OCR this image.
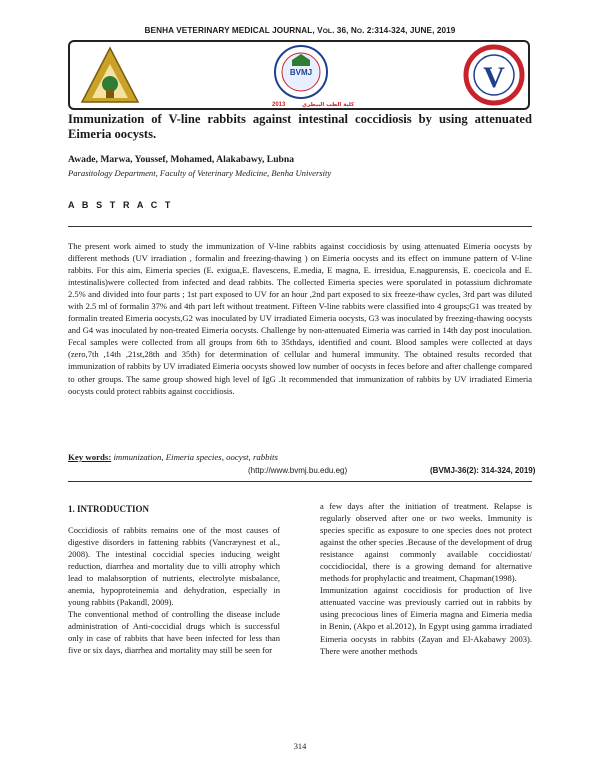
BENHA VETERINARY MEDICAL JOURNAL, VOL. 36, NO. 2:314-324, JUNE, 2019
BVMJ
2013	كلية الطب البيطري
V
Immunization of V-line rabbits against intestinal coccidiosis by using attenuated Eimeria oocysts.
Awade, Marwa, Youssef, Mohamed, Alakabawy, Lubna
Parasitology Department, Faculty of Veterinary Medicine, Benha University
A B S T R A C T
The present work aimed to study the immunization of V-line rabbits against coccidiosis by using attenuated Eimeria oocysts by different methods (UV irradiation , formalin and freezing-thawing ) on Eimeria oocysts and its effect on immune pattern of V-line rabbits. For this aim, Eimeria species (E. exigua,E. flavescens, E.media, E magna, E. irresidua, E.nagpurensis, E. coecicola and E. intestinalis)were collected from infected and dead rabbits. The collected Eimeria species were sporulated in potassium dichromate 2.5% and divided into four parts ; 1st part exposed to UV for an hour ,2nd part exposed to six freeze-thaw cycles, 3rd part was diluted with 2.5 ml of formalin 37% and 4th part left without treatment. Fifteen V-line rabbits were classified into 4 groups;G1 was treated by formalin treated Eimeria oocysts,G2 was inoculated by UV irradiated Eimeria oocysts, G3 was inoculated by freezing-thawing oocysts and G4 was inoculated by non-treated Eimeria oocysts. Challenge by non-attenuated Eimeria was carried in 14th day post inoculation. Fecal samples were collected from all groups from 6th to 35thdays, identified and count. Blood samples were collected at days (zero,7th ,14th ,21st,28th and 35th) for determination of cellular and humeral immunity. The obtained results recorded that immunization of rabbits by UV irradiated Eimeria oocysts showed low number of oocysts in feces before and after challenge compared to other groups. The same group showed high level of IgG .It recommended that immunization of rabbits by UV irradiated Eimeria oocysts could protect rabbits against coccidiosis.
Key words: immunization, Eimeria species, oocyst, rabbits
(http://www.bvmj.bu.edu.eg)	(BVMJ-36(2): 314-324, 2019)
1. INTRODUCTION

Coccidiosis of rabbits remains one of the most causes of digestive disorders in fattening rabbits (Vancræynest et al., 2008). The intestinal coccidial species inducing weight reduction, diarrhea and mortality due to villi atrophy which lead to malabsorption of nutrients, electrolyte misbalance, anemia, hypoproteinemia and dehydration, especially in young rabbits (Pakandl, 2009).

The conventional method of controlling the disease include administration of Anti-coccidial drugs which is successful only in case of rabbits that have been infected for less than five or six days, diarrhea and mortality may still be seen for

a few days after the initiation of treatment. Relapse is regularly observed after one or two weeks. Immunity is species specific as exposure to one species does not protect against the other species .Because of the development of drug resistance against commonly available coccidiostat/ coccidiocidal, there is a growing demand for alternative methods for prophylactic and treatment, Chapman(1998).

Immunization against coccidiosis for production of live attenuated vaccine was previously carried out in rabbits by using precocious lines of Eimeria magna and Eimeria media in Benin, (Akpo et al.2012), In Egypt using gamma irradiated Eimeria oocysts in rabbits (Zayan and El-Akabawy 2003). There were another methods

314
